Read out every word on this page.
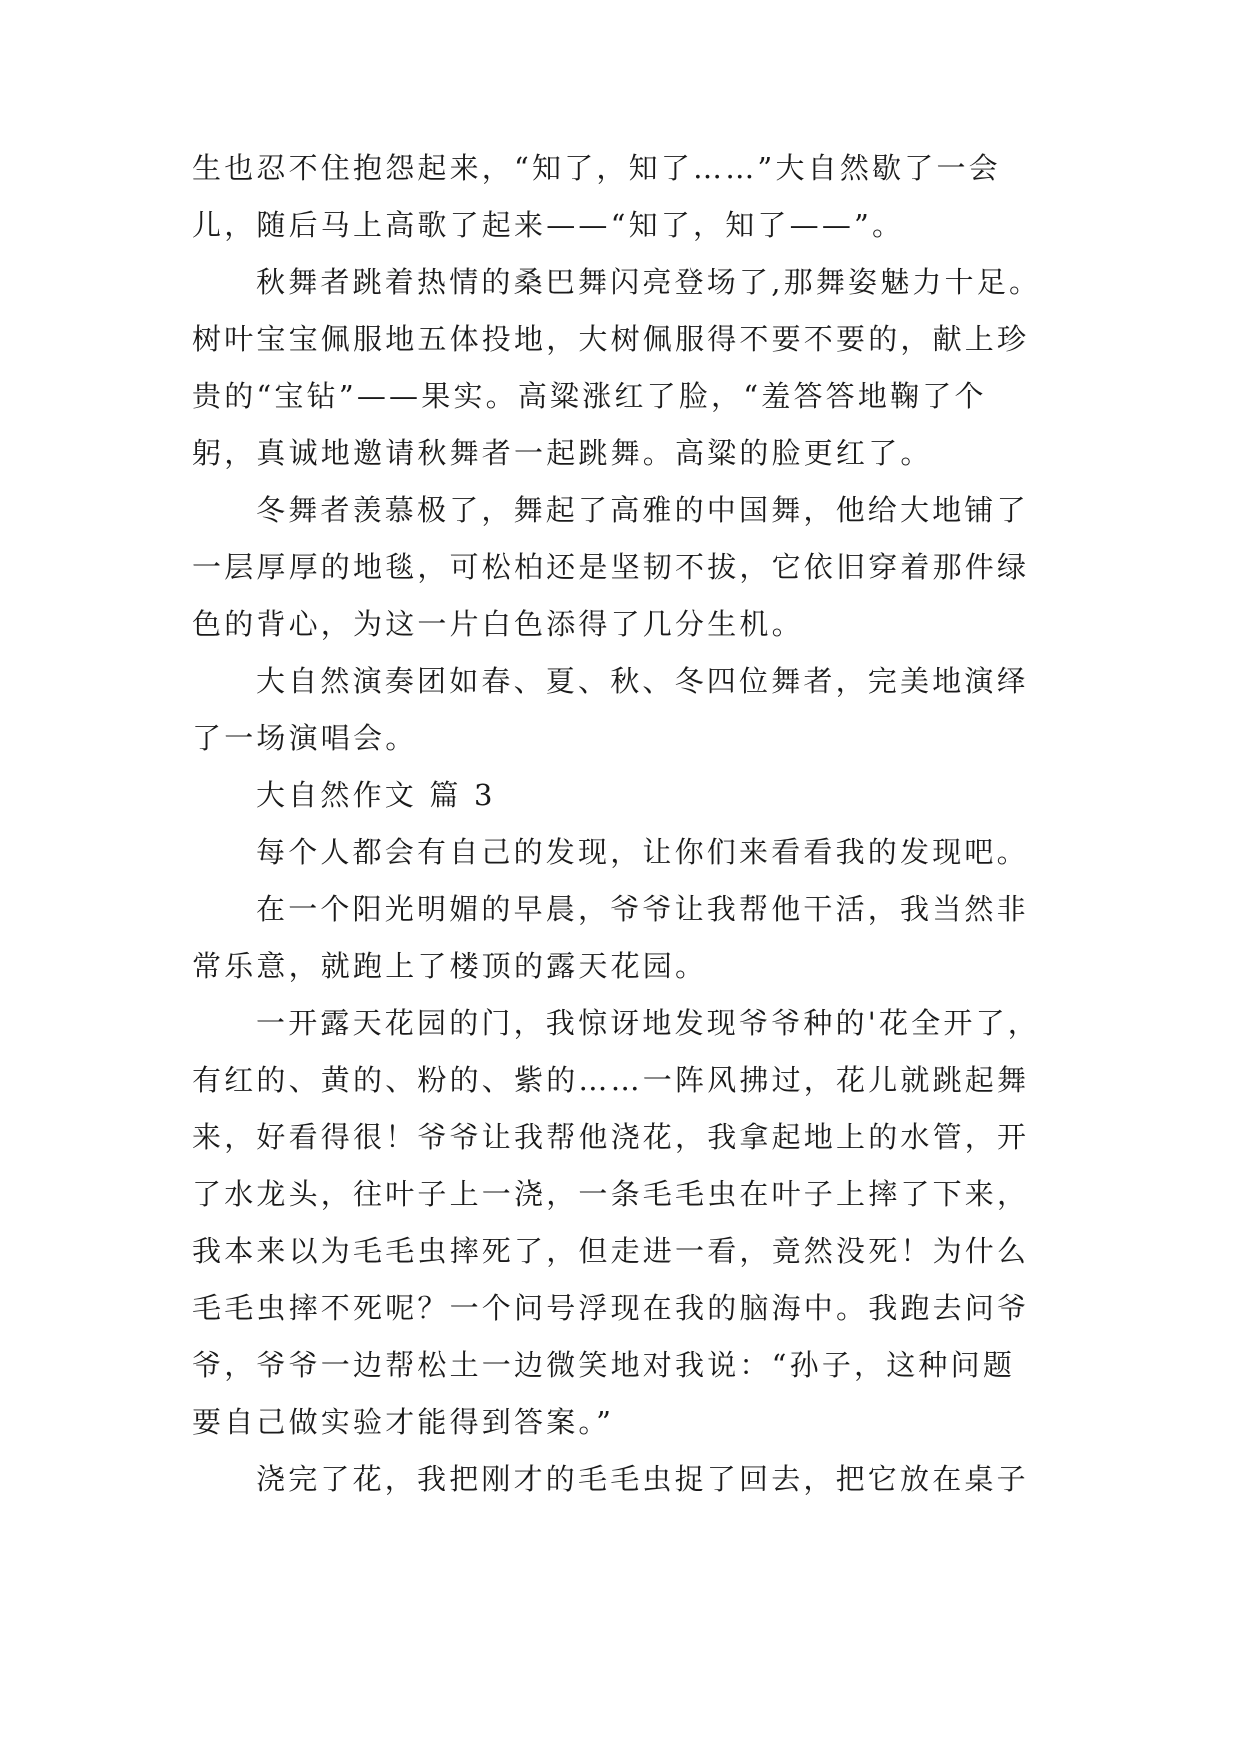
生也忍不住抱怨起来，“知了，知了……”大自然歇了一会
儿，随后马上高歌了起来——“知了，知了——”。
秋舞者跳着热情的桑巴舞闪亮登场了,那舞姿魅力十足。
树叶宝宝佩服地五体投地，大树佩服得不要不要的，献上珍
贵的“宝钻”——果实。高粱涨红了脸，“羞答答地鞠了个
躬，真诚地邀请秋舞者一起跳舞。高粱的脸更红了。
冬舞者羡慕极了，舞起了高雅的中国舞，他给大地铺了
一层厚厚的地毯，可松柏还是坚韧不拔，它依旧穿着那件绿
色的背心，为这一片白色添得了几分生机。
大自然演奏团如春、夏、秋、冬四位舞者，完美地演绎
了一场演唱会。
大自然作文 篇 3
每个人都会有自己的发现，让你们来看看我的发现吧。
在一个阳光明媚的早晨，爷爷让我帮他干活，我当然非
常乐意，就跑上了楼顶的露天花园。
一开露天花园的门，我惊讶地发现爷爷种的'花全开了，
有红的、黄的、粉的、紫的……一阵风拂过，花儿就跳起舞
来，好看得很！爷爷让我帮他浇花，我拿起地上的水管，开
了水龙头，往叶子上一浇，一条毛毛虫在叶子上摔了下来，
我本来以为毛毛虫摔死了，但走进一看，竟然没死！为什么
毛毛虫摔不死呢？一个问号浮现在我的脑海中。我跑去问爷
爷，爷爷一边帮松土一边微笑地对我说：“孙子，这种问题
要自己做实验才能得到答案。”
浇完了花，我把刚才的毛毛虫捉了回去，把它放在桌子
